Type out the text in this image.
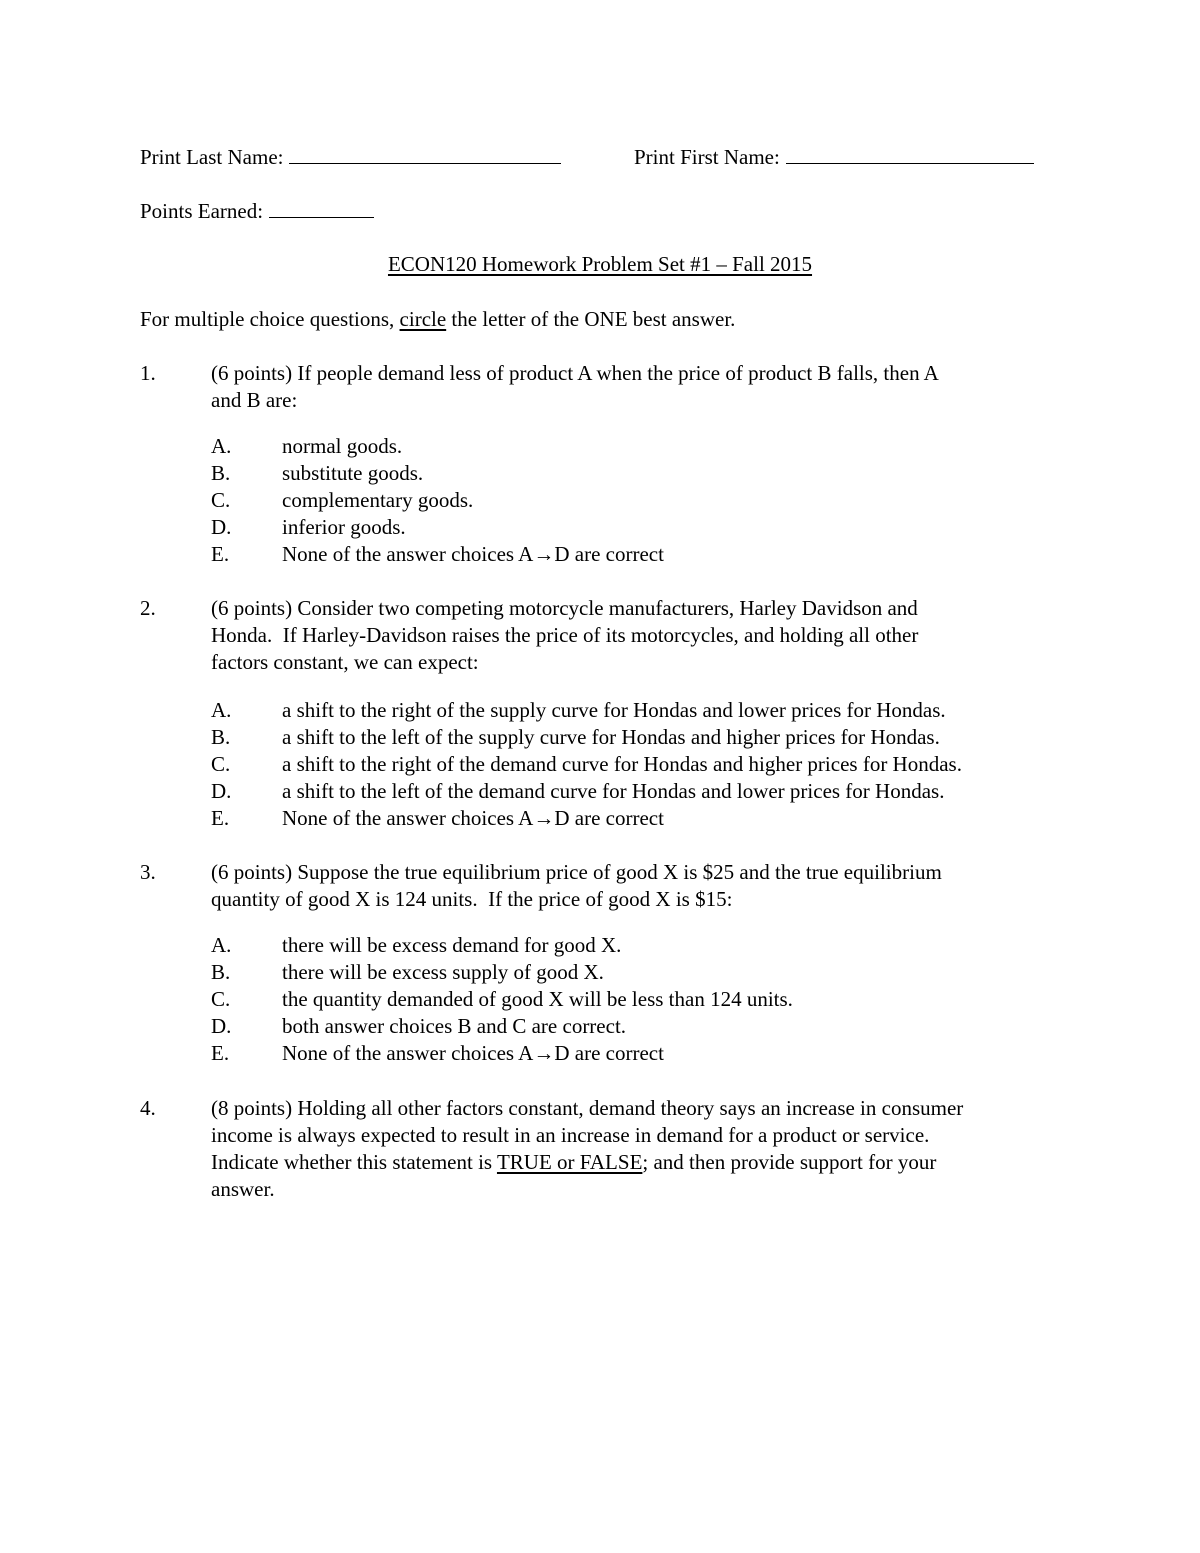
Print Last Name:	Print First Name:
Points Earned:
ECON120 Homework Problem Set #1 – Fall 2015
For multiple choice questions, circle the letter of the ONE best answer.
1.	(6 points) If people demand less of product A when the price of product B falls, then A
and B are:
A. normal goods.
B. substitute goods.
C. complementary goods.
D. inferior goods.
E.	None of the answer choices A→D are correct
2.	(6 points) Consider two competing motorcycle manufacturers, Harley Davidson and
Honda.  If Harley-Davidson raises the price of its motorcycles, and holding all other
factors constant, we can expect:
A. a shift to the right of the supply curve for Hondas and lower prices for Hondas.
B. a shift to the left of the supply curve for Hondas and higher prices for Hondas.
C. a shift to the right of the demand curve for Hondas and higher prices for Hondas.
D. a shift to the left of the demand curve for Hondas and lower prices for Hondas.
E.	None of the answer choices A→D are correct
3.	(6 points) Suppose the true equilibrium price of good X is $25 and the true equilibrium
quantity of good X is 124 units.  If the price of good X is $15:
A. there will be excess demand for good X.
B. there will be excess supply of good X.
C. the quantity demanded of good X will be less than 124 units.
D. both answer choices B and C are correct.
E.	None of the answer choices A→D are correct
4.	(8 points) Holding all other factors constant, demand theory says an increase in consumer
income is always expected to result in an increase in demand for a product or service.
Indicate whether this statement is TRUE or FALSE; and then provide support for your
answer.
